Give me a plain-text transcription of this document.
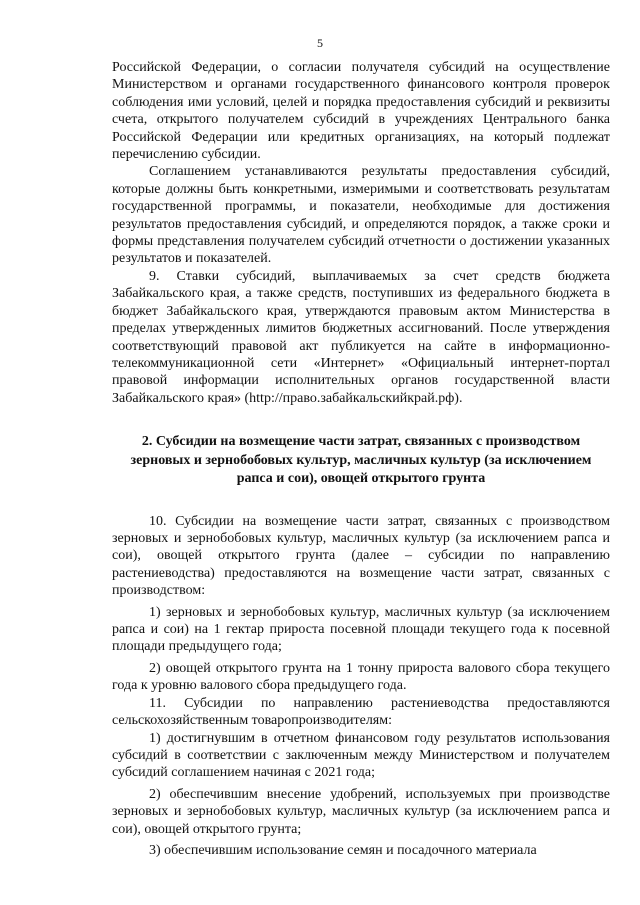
5

Российской Федерации, о согласии получателя субсидий на осуществление Министерством и органами государственного финансового контроля проверок соблюдения ими условий, целей и порядка предоставления субсидий и реквизиты счета, открытого получателем субсидий в учреждениях Центрального банка Российской Федерации или кредитных организациях, на который подлежат перечислению субсидии.

Соглашением устанавливаются результаты предоставления субсидий, которые должны быть конкретными, измеримыми и соответствовать результатам государственной программы, и показатели, необходимые для достижения результатов предоставления субсидий, и определяются порядок, а также сроки и формы представления получателем субсидий отчетности о достижении указанных результатов и показателей.

9. Ставки субсидий, выплачиваемых за счет средств бюджета Забайкальского края, а также средств, поступивших из федерального бюджета в бюджет Забайкальского края, утверждаются правовым актом Министерства в пределах утвержденных лимитов бюджетных ассигнований. После утверждения соответствующий правовой акт публикуется на сайте в информационно-телекоммуникационной сети «Интернет» «Официальный интернет-портал правовой информации исполнительных органов государственной власти Забайкальского края» (http://право.забайкальскийкрай.рф).

2. Субсидии на возмещение части затрат, связанных с производством зерновых и зернобобовых культур, масличных культур (за исключением рапса и сои), овощей открытого грунта

10. Субсидии на возмещение части затрат, связанных с производством зерновых и зернобобовых культур, масличных культур (за исключением рапса и сои), овощей открытого грунта (далее – субсидии по направлению растениеводства) предоставляются на возмещение части затрат, связанных с производством:

1) зерновых и зернобобовых культур, масличных культур (за исключением рапса и сои) на 1 гектар прироста посевной площади текущего года к посевной площади предыдущего года;

2) овощей открытого грунта на 1 тонну прироста валового сбора текущего года к уровню валового сбора предыдущего года.

11. Субсидии по направлению растениеводства предоставляются сельскохозяйственным товаропроизводителям:

1) достигнувшим в отчетном финансовом году результатов использования субсидий в соответствии с заключенным между Министерством и получателем субсидий соглашением начиная с 2021 года;

2) обеспечившим внесение удобрений, используемых при производстве зерновых и зернобобовых культур, масличных культур (за исключением рапса и сои), овощей открытого грунта;

3) обеспечившим использование семян и посадочного материала
